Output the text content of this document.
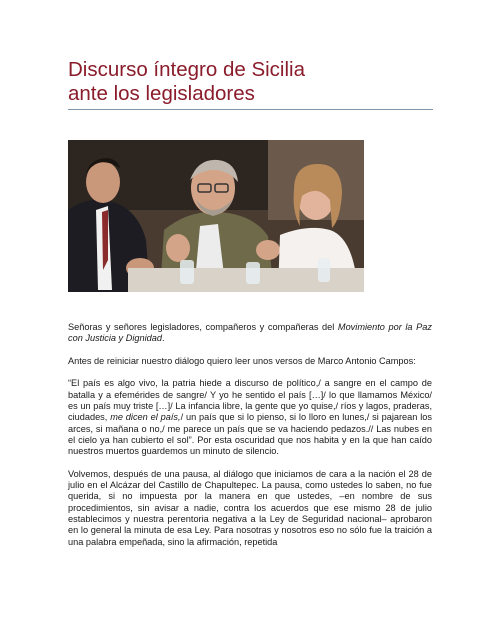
Discurso íntegro de Sicilia
ante los legisladores

Señoras y señores legisladores, compañeros y compañeras del Movimiento por la Paz con Justicia y Dignidad.

Antes de reiniciar nuestro diálogo quiero leer unos versos de Marco Antonio Campos:

“El país es algo vivo, la patria hiede a discurso de político,/ a sangre en el campo de batalla y a efemérides de sangre/ Y yo he sentido el país […]/ lo que llamamos México/ es un país muy triste […]/ La infancia libre, la gente que yo quise,/ ríos y lagos, praderas, ciudades, me dicen el país,/ un país que si lo pienso, si lo lloro en lunes,/ si pajarean los arces, si mañana o no,/ me parece un país que se va haciendo pedazos.// Las nubes en el cielo ya han cubierto el sol”. Por esta oscuridad que nos habita y en la que han caído nuestros muertos guardemos un minuto de silencio.

Volvemos, después de una pausa, al diálogo que iniciamos de cara a la nación el 28 de julio en el Alcázar del Castillo de Chapultepec. La pausa, como ustedes lo saben, no fue querida, si no impuesta por la manera en que ustedes, –en nombre de sus procedimientos, sin avisar a nadie, contra los acuerdos que ese mismo 28 de julio establecimos y nuestra perentoria negativa a la Ley de Seguridad nacional– aprobaron en lo general la minuta de esa Ley. Para nosotras y nosotros eso no sólo fue la traición a una palabra empeñada, sino la afirmación, repetida
